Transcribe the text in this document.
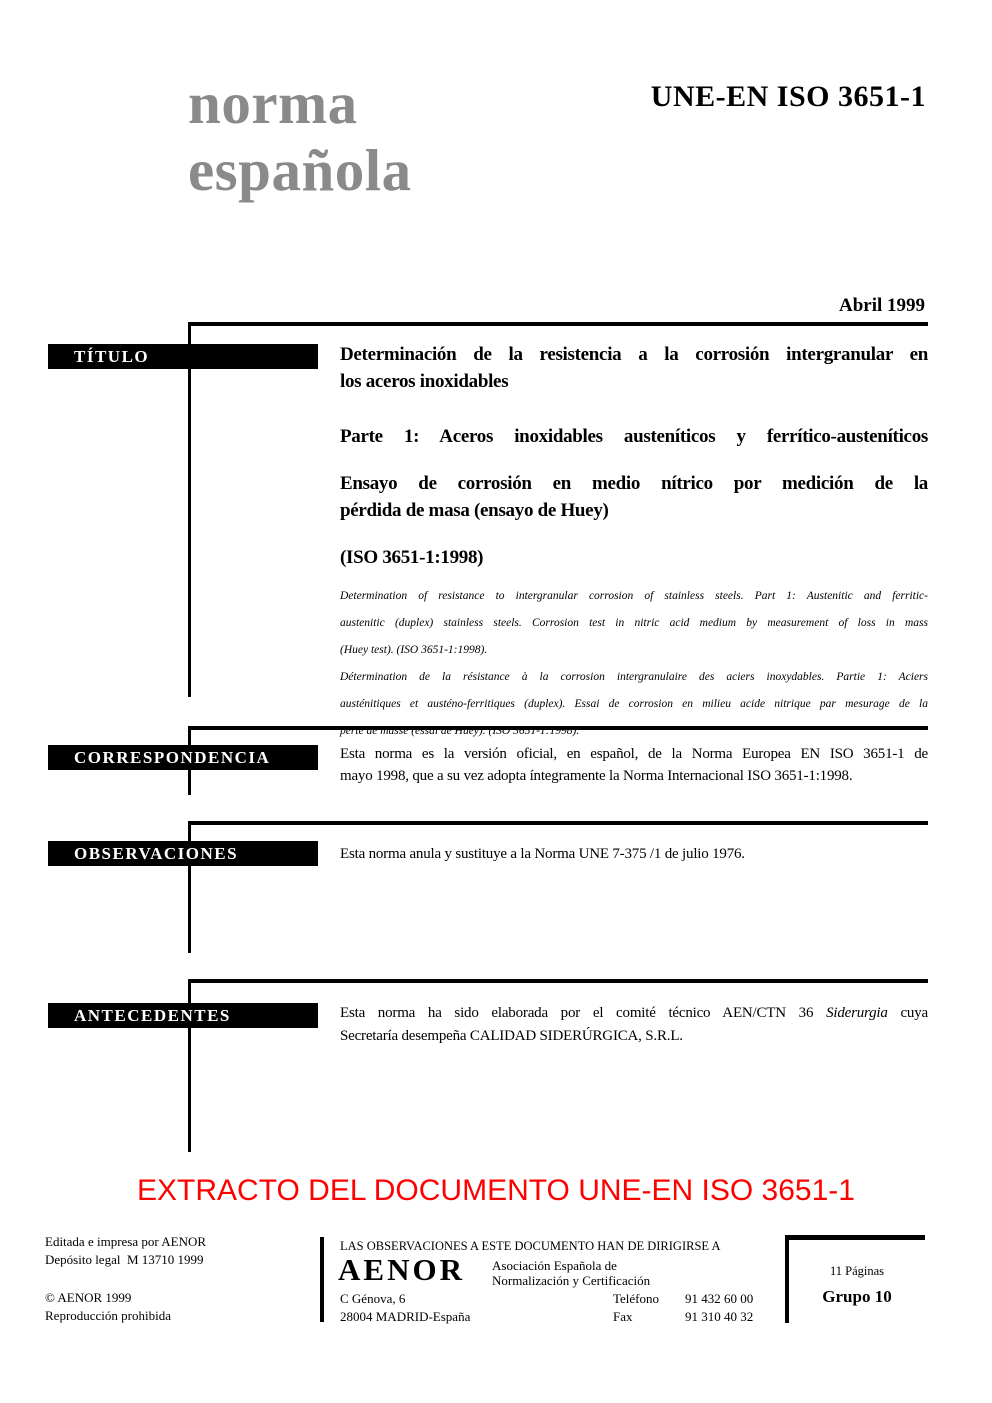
norma
española
UNE-EN ISO 3651-1
Abril 1999
TÍTULO
CORRESPONDENCIA
OBSERVACIONES
ANTECEDENTES

Determinación de la resistencia a la corrosión intergranular en
los aceros inoxidables

Parte 1: Aceros inoxidables austeníticos y ferrítico-austeníticos

Ensayo de corrosión en medio nítrico por medición de la
pérdida de masa (ensayo de Huey)

(ISO 3651-1:1998)

Determination of resistance to intergranular corrosion of stainless steels. Part 1: Austenitic and ferritic-
austenitic (duplex) stainless steels. Corrosion test in nitric acid medium by measurement of loss in mass
(Huey test). (ISO 3651-1:1998).

Détermination de la résistance à la corrosion intergranulaire des aciers inoxydables. Partie 1: Aciers
austénitiques et austéno-ferritiques (duplex). Essai de corrosion en milieu acide nitrique par mesurage de la
perte de masse (essai de Huey). (ISO 3651-1:1998).

Esta norma es la versión oficial, en español, de la Norma Europea EN ISO 3651-1 de
mayo 1998, que a su vez adopta íntegramente la Norma Internacional ISO 3651-1:1998.
Esta norma anula y sustituye a la Norma UNE 7-375 /1 de julio 1976.
Esta norma ha sido elaborada por el comité técnico AEN/CTN 36 Siderurgia cuya
Secretaría desempeña CALIDAD SIDERÚRGICA, S.R.L.
EXTRACTO DEL DOCUMENTO UNE-EN ISO 3651-1
Editada e impresa por AENOR
Depósito legal  M 13710 1999
© AENOR 1999
Reproducción prohibida
LAS OBSERVACIONES A ESTE DOCUMENTO HAN DE DIRIGIRSE A
AENOR Asociación Española de
Normalización y Certificación
C Génova, 6
28004 MADRID-España
Teléfono	91 432 60 00
Fax	91 310 40 32
11 Páginas
Grupo 10
